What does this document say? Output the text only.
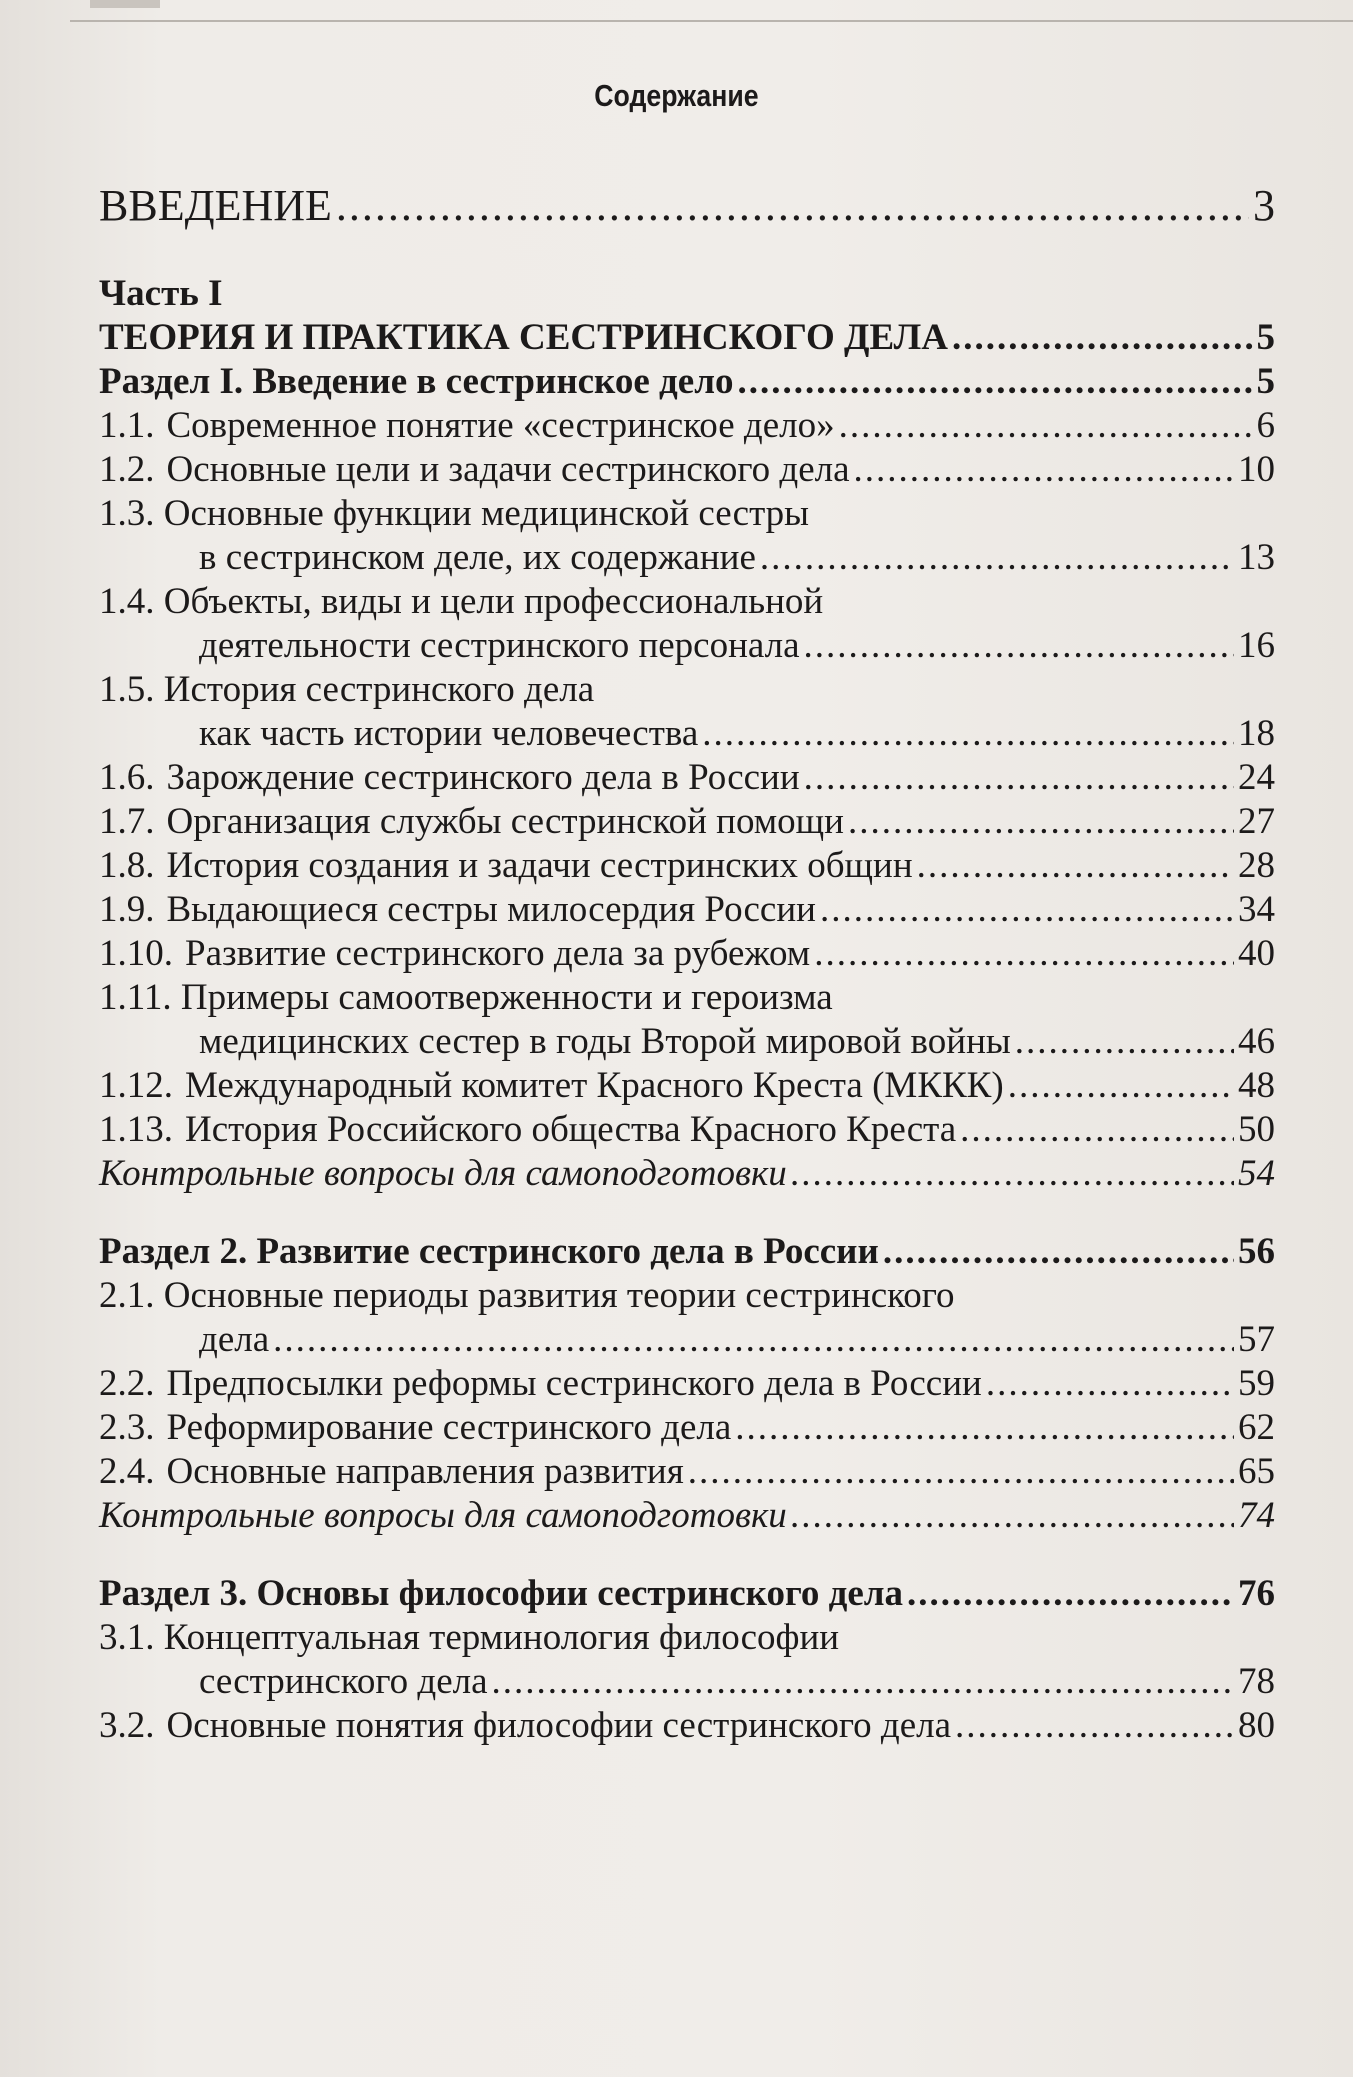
Содержание
ВВЕДЕНИЕ .....	3
Часть I
ТЕОРИЯ И ПРАКТИКА СЕСТРИНСКОГО ДЕЛА .....	5
Раздел I. Введение в сестринское дело .....	5
1.1. Современное понятие «сестринское дело» .....	6
1.2. Основные цели и задачи сестринского дела .....	10
1.3. Основные функции медицинской сестры
в сестринском деле, их содержание .....	13
1.4. Объекты, виды и цели профессиональной
деятельности сестринского персонала .....	16
1.5. История сестринского дела
как часть истории человечества .....	18
1.6. Зарождение сестринского дела в России .....	24
1.7. Организация службы сестринской помощи .....	27
1.8. История создания и задачи сестринских общин .....	28
1.9. Выдающиеся сестры милосердия России .....	34
1.10. Развитие сестринского дела за рубежом .....	40
1.11. Примеры самоотверженности и героизма
медицинских сестер в годы Второй мировой войны .....	46
1.12. Международный комитет Красного Креста (МККК) .....	48
1.13. История Российского общества Красного Креста .....	50
Контрольные вопросы для самоподготовки .....	54
Раздел 2. Развитие сестринского дела в России .....	56
2.1. Основные периоды развития теории сестринского
дела .....	57
2.2. Предпосылки реформы сестринского дела в России .....	59
2.3. Реформирование сестринского дела .....	62
2.4. Основные направления развития .....	65
Контрольные вопросы для самоподготовки .....	74
Раздел 3. Основы философии сестринского дела .....	76
3.1. Концептуальная терминология философии
сестринского дела .....	78
3.2. Основные понятия философии сестринского дела .....	80
